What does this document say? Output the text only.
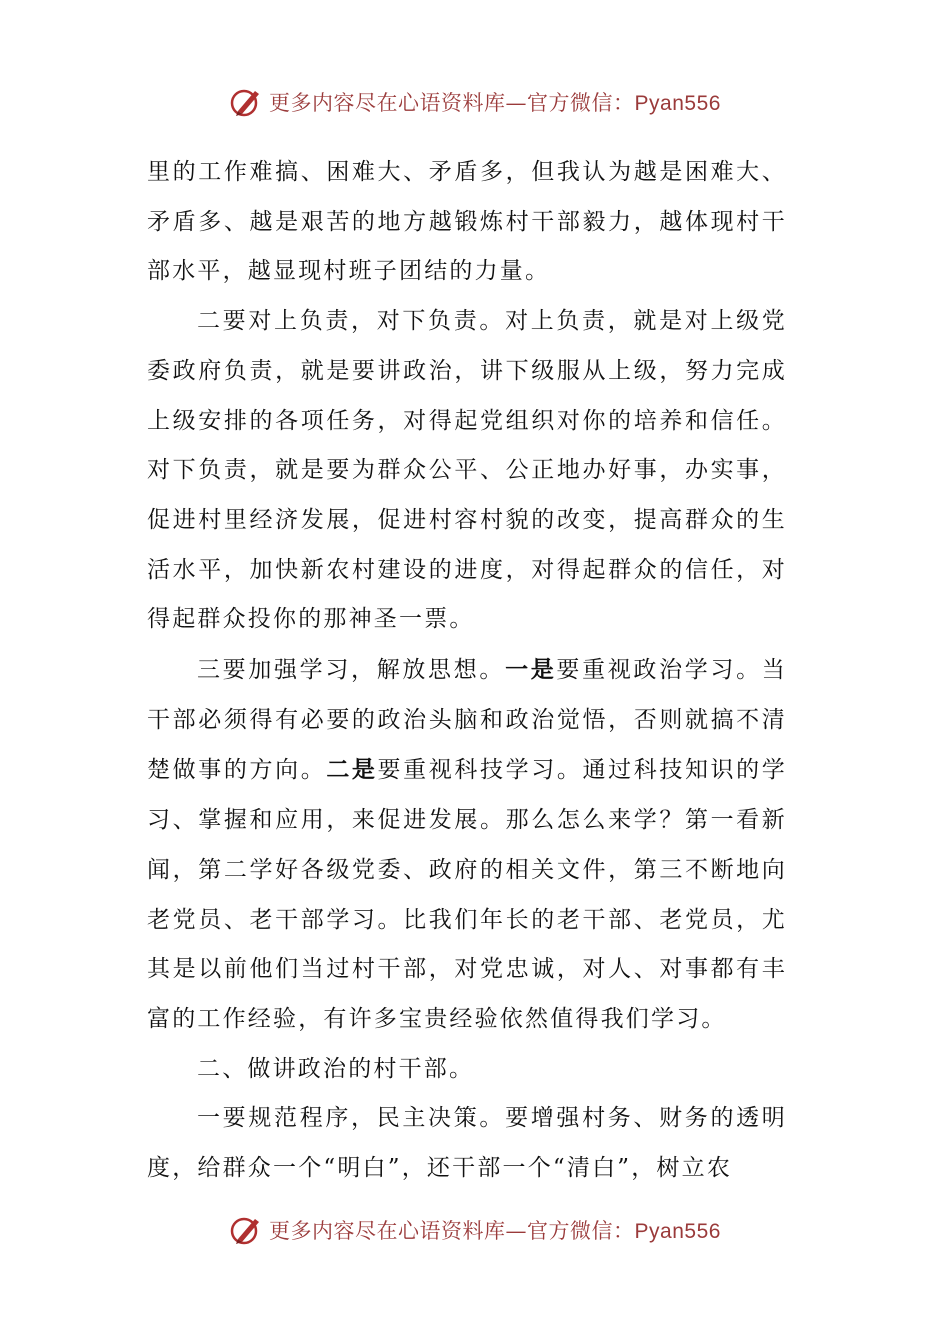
更多内容尽在心语资料库—官方微信：Pyan556

里的工作难搞、困难大、矛盾多，但我认为越是困难大、矛盾多、越是艰苦的地方越锻炼村干部毅力，越体现村干部水平，越显现村班子团结的力量。

二要对上负责，对下负责。对上负责，就是对上级党委政府负责，就是要讲政治，讲下级服从上级，努力完成上级安排的各项任务，对得起党组织对你的培养和信任。对下负责，就是要为群众公平、公正地办好事，办实事，促进村里经济发展，促进村容村貌的改变，提高群众的生活水平，加快新农村建设的进度，对得起群众的信任，对得起群众投你的那神圣一票。

三要加强学习，解放思想。一是要重视政治学习。当干部必须得有必要的政治头脑和政治觉悟，否则就搞不清楚做事的方向。二是要重视科技学习。通过科技知识的学习、掌握和应用，来促进发展。那么怎么来学？第一看新闻，第二学好各级党委、政府的相关文件，第三不断地向老党员、老干部学习。比我们年长的老干部、老党员，尤其是以前他们当过村干部，对党忠诚，对人、对事都有丰富的工作经验，有许多宝贵经验依然值得我们学习。

二、做讲政治的村干部。

一要规范程序，民主决策。要增强村务、财务的透明度，给群众一个“明白”，还干部一个“清白”，树立农

更多内容尽在心语资料库—官方微信：Pyan556
